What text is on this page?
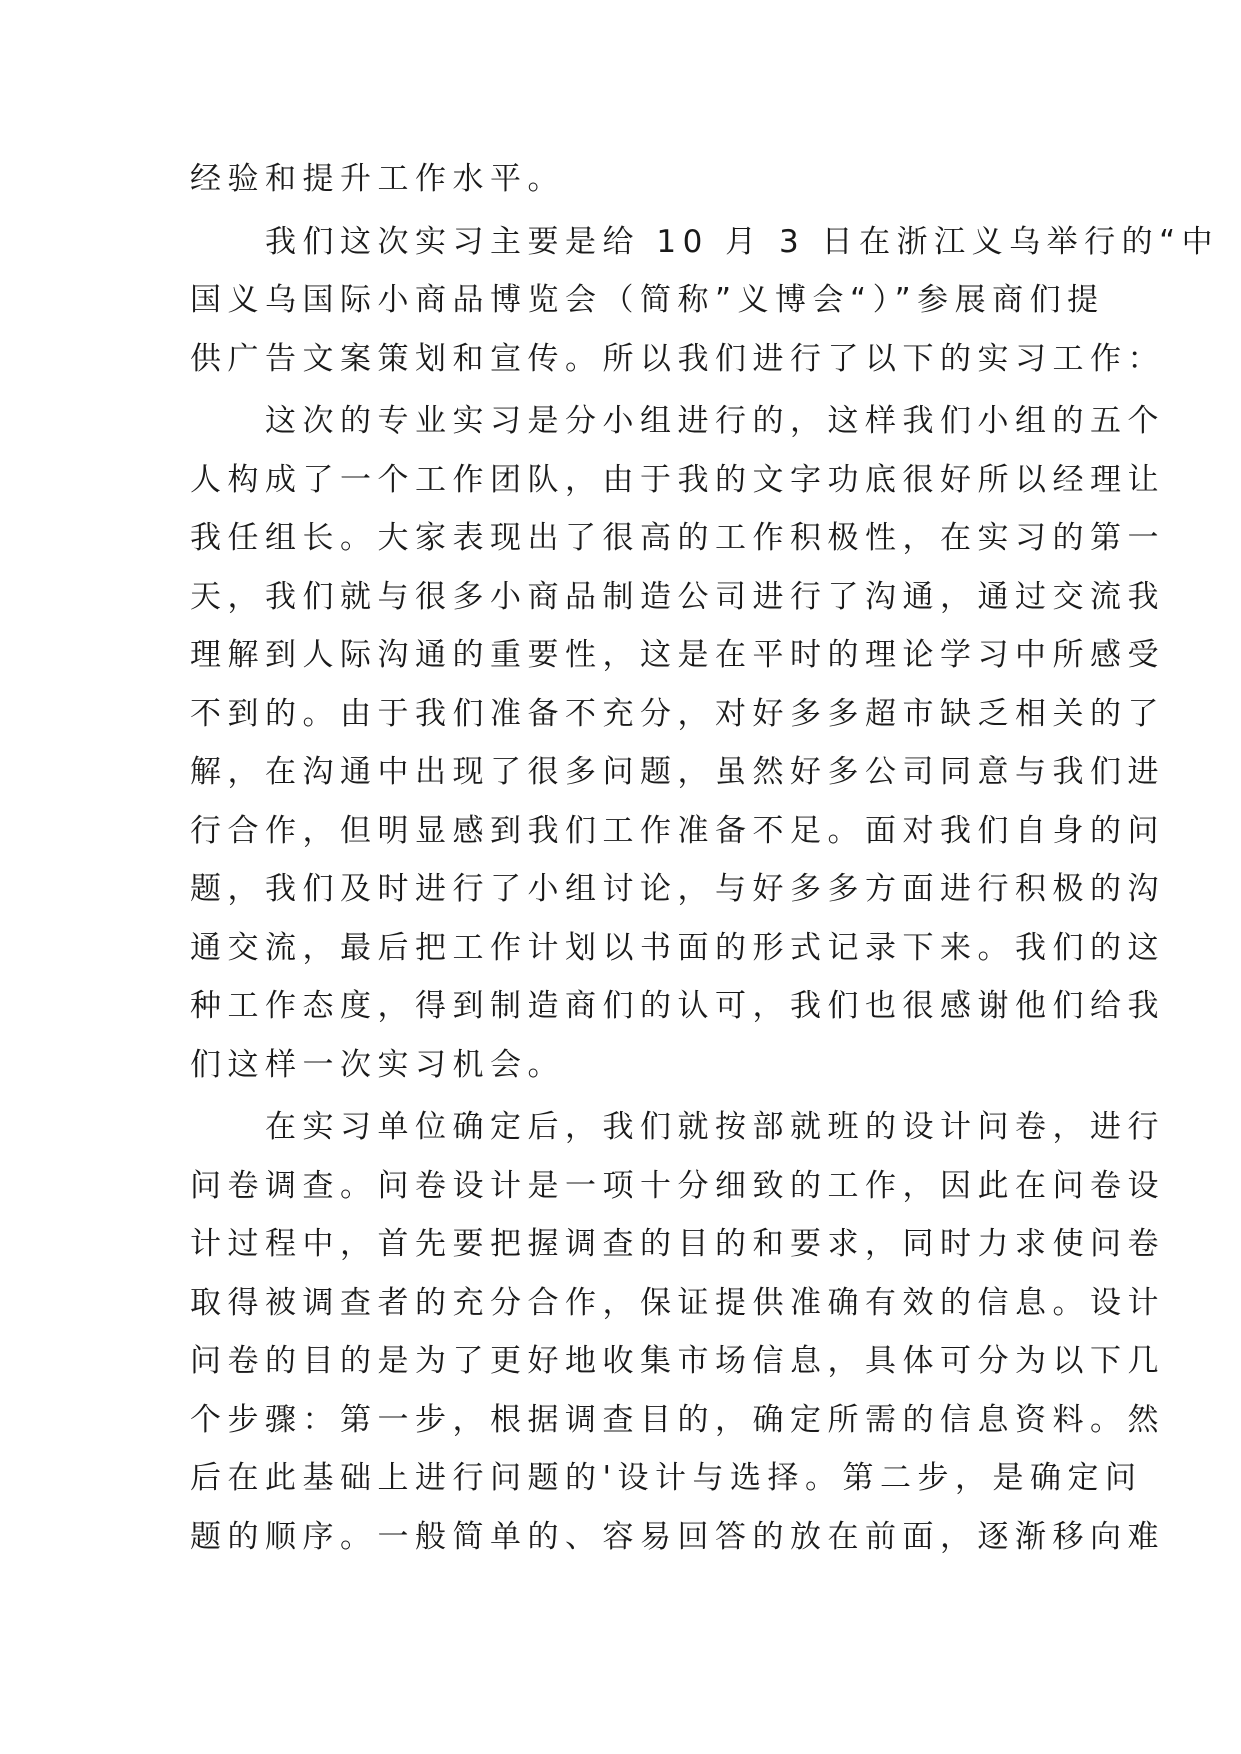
经验和提升工作水平。
　　我们这次实习主要是给 10 月 3 日在浙江义乌举行的“中
国义乌国际小商品博览会（简称”义博会“）”参展商们提
供广告文案策划和宣传。所以我们进行了以下的实习工作：
　　这次的专业实习是分小组进行的，这样我们小组的五个
人构成了一个工作团队，由于我的文字功底很好所以经理让
我任组长。大家表现出了很高的工作积极性，在实习的第一
天，我们就与很多小商品制造公司进行了沟通，通过交流我
理解到人际沟通的重要性，这是在平时的理论学习中所感受
不到的。由于我们准备不充分，对好多多超市缺乏相关的了
解，在沟通中出现了很多问题，虽然好多公司同意与我们进
行合作，但明显感到我们工作准备不足。面对我们自身的问
题，我们及时进行了小组讨论，与好多多方面进行积极的沟
通交流，最后把工作计划以书面的形式记录下来。我们的这
种工作态度，得到制造商们的认可，我们也很感谢他们给我
们这样一次实习机会。
　　在实习单位确定后，我们就按部就班的设计问卷，进行
问卷调查。问卷设计是一项十分细致的工作，因此在问卷设
计过程中，首先要把握调查的目的和要求，同时力求使问卷
取得被调查者的充分合作，保证提供准确有效的信息。设计
问卷的目的是为了更好地收集市场信息，具体可分为以下几
个步骤：第一步，根据调查目的，确定所需的信息资料。然
后在此基础上进行问题的'设计与选择。第二步，是确定问
题的顺序。一般简单的、容易回答的放在前面，逐渐移向难
